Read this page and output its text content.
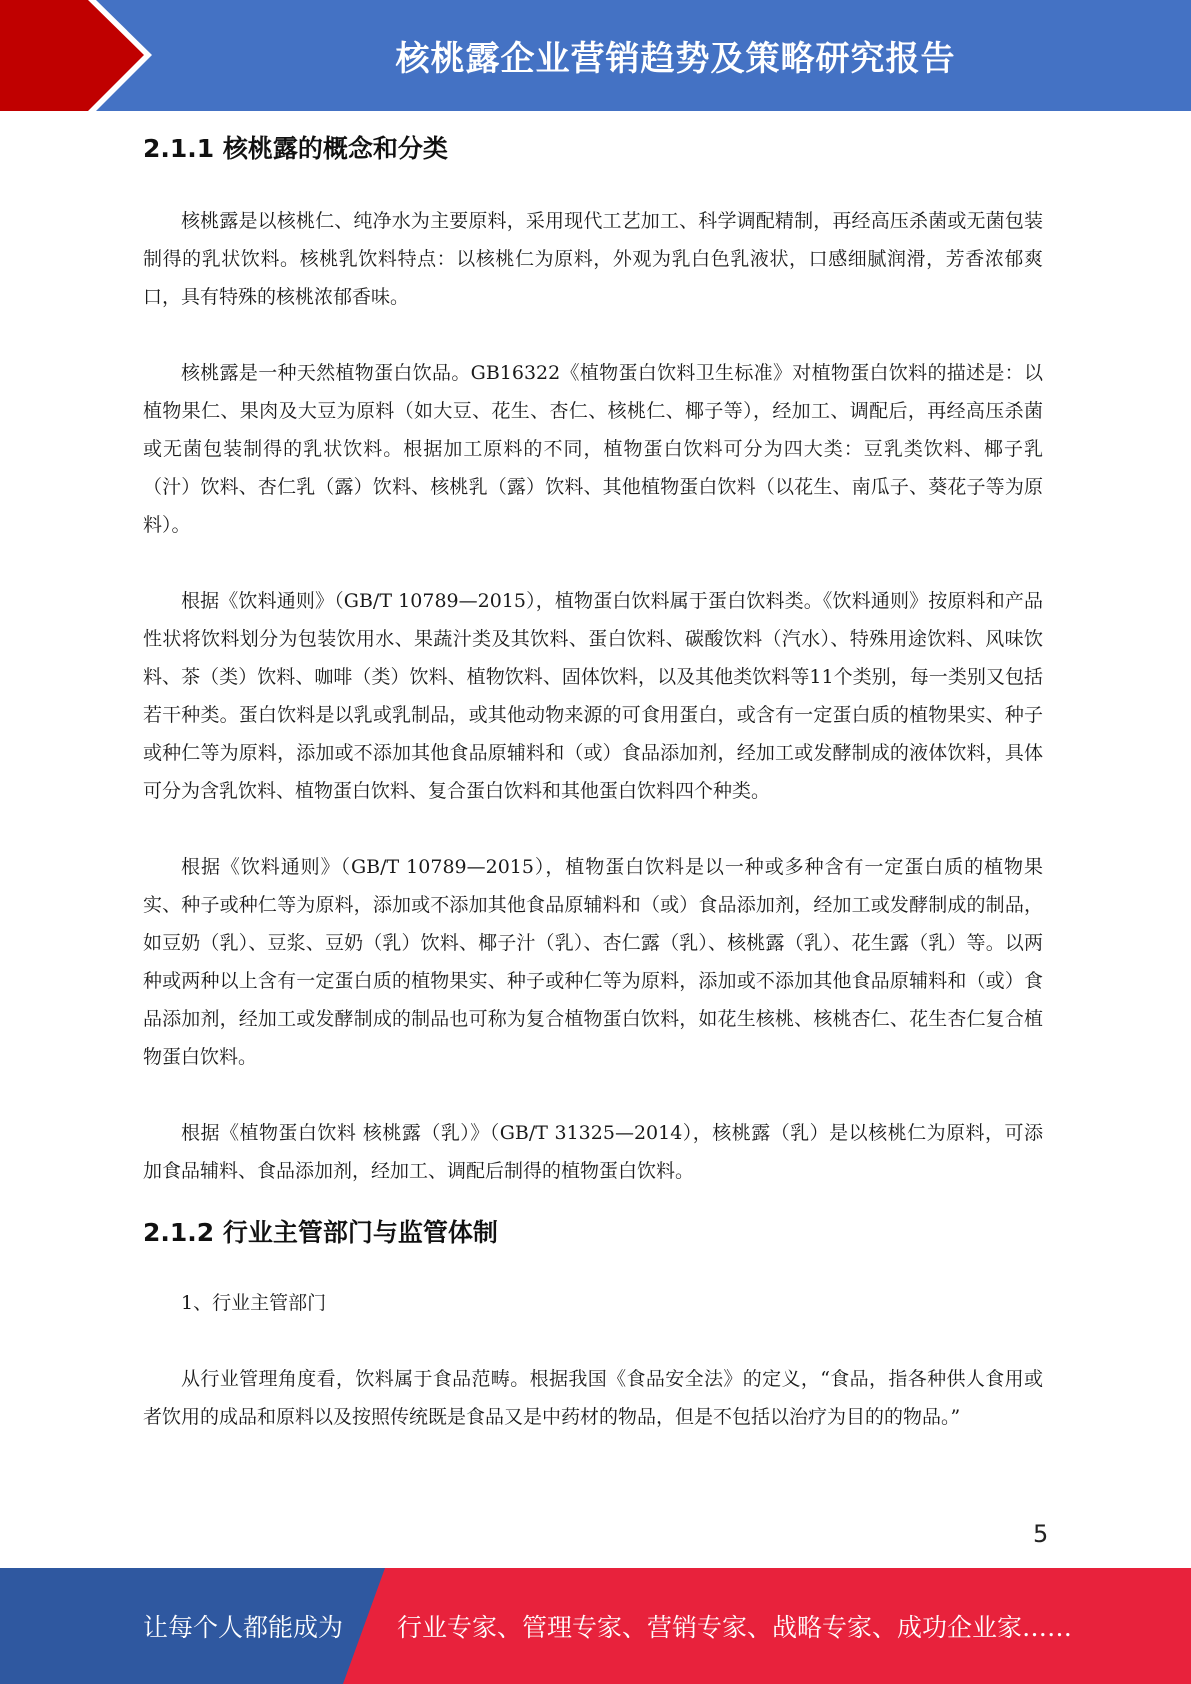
核桃露企业营销趋势及策略研究报告
2.1.1 核桃露的概念和分类

核桃露是以核桃仁、纯净水为主要原料，采用现代工艺加工、科学调配精制，再经高压杀菌或无菌包装制得的乳状饮料。核桃乳饮料特点：以核桃仁为原料，外观为乳白色乳液状，口感细腻润滑，芳香浓郁爽口，具有特殊的核桃浓郁香味。

核桃露是一种天然植物蛋白饮品。GB16322《植物蛋白饮料卫生标准》对植物蛋白饮料的描述是：以植物果仁、果肉及大豆为原料（如大豆、花生、杏仁、核桃仁、椰子等），经加工、调配后，再经高压杀菌或无菌包装制得的乳状饮料。根据加工原料的不同，植物蛋白饮料可分为四大类：豆乳类饮料、椰子乳（汁）饮料、杏仁乳（露）饮料、核桃乳（露）饮料、其他植物蛋白饮料（以花生、南瓜子、葵花子等为原料）。

根据《饮料通则》（GB/T 10789—2015），植物蛋白饮料属于蛋白饮料类。《饮料通则》按原料和产品性状将饮料划分为包装饮用水、果蔬汁类及其饮料、蛋白饮料、碳酸饮料（汽水）、特殊用途饮料、风味饮料、茶（类）饮料、咖啡（类）饮料、植物饮料、固体饮料，以及其他类饮料等11个类别，每一类别又包括若干种类。蛋白饮料是以乳或乳制品，或其他动物来源的可食用蛋白，或含有一定蛋白质的植物果实、种子或种仁等为原料，添加或不添加其他食品原辅料和（或）食品添加剂，经加工或发酵制成的液体饮料，具体可分为含乳饮料、植物蛋白饮料、复合蛋白饮料和其他蛋白饮料四个种类。

根据《饮料通则》（GB/T 10789—2015），植物蛋白饮料是以一种或多种含有一定蛋白质的植物果实、种子或种仁等为原料，添加或不添加其他食品原辅料和（或）食品添加剂，经加工或发酵制成的制品，如豆奶（乳）、豆浆、豆奶（乳）饮料、椰子汁（乳）、杏仁露（乳）、核桃露（乳）、花生露（乳）等。以两种或两种以上含有一定蛋白质的植物果实、种子或种仁等为原料，添加或不添加其他食品原辅料和（或）食品添加剂，经加工或发酵制成的制品也可称为复合植物蛋白饮料，如花生核桃、核桃杏仁、花生杏仁复合植物蛋白饮料。

根据《植物蛋白饮料 核桃露（乳）》（GB/T 31325—2014），核桃露（乳）是以核桃仁为原料，可添加食品辅料、食品添加剂，经加工、调配后制得的植物蛋白饮料。

2.1.2 行业主管部门与监管体制

1、行业主管部门

从行业管理角度看，饮料属于食品范畴。根据我国《食品安全法》的定义，“食品，指各种供人食用或者饮用的成品和原料以及按照传统既是食品又是中药材的物品，但是不包括以治疗为目的的物品。”

5
让每个人都能成为 行业专家、管理专家、营销专家、战略专家、成功企业家……
